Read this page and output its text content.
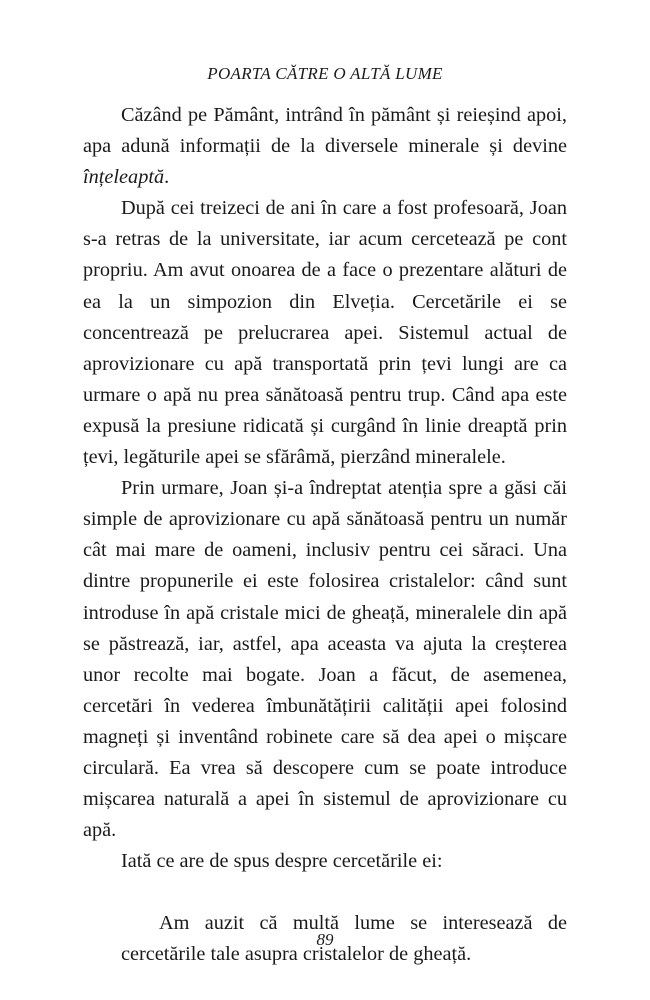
POARTA CĂTRE O ALTĂ LUME

Căzând pe Pământ, intrând în pământ și reieșind apoi, apa adună informații de la diversele minerale și devine înțeleaptă.

După cei treizeci de ani în care a fost profesoară, Joan s-a retras de la universitate, iar acum cercetează pe cont propriu. Am avut onoarea de a face o prezentare alături de ea la un simpozion din Elveția. Cercetările ei se concentrează pe prelucrarea apei. Sistemul actual de aprovizionare cu apă transportată prin țevi lungi are ca urmare o apă nu prea sănătoasă pentru trup. Când apa este expusă la presiune ridicată și curgând în linie dreaptă prin țevi, legăturile apei se sfărâmă, pierzând mineralele.

Prin urmare, Joan și-a îndreptat atenția spre a găsi căi simple de aprovizionare cu apă sănătoasă pentru un număr cât mai mare de oameni, inclusiv pentru cei săraci. Una dintre propunerile ei este folosirea cristalelor: când sunt introduse în apă cristale mici de gheață, mineralele din apă se păstrează, iar, astfel, apa aceasta va ajuta la creșterea unor recolte mai bogate. Joan a făcut, de asemenea, cercetări în vederea îmbunătățirii calității apei folosind magneți și inventând robinete care să dea apei o mișcare circulară. Ea vrea să descopere cum se poate introduce mișcarea naturală a apei în sistemul de aprovizionare cu apă.

Iată ce are de spus despre cercetările ei:

Am auzit că multă lume se interesează de cercetările tale asupra cristalelor de gheață.

89
